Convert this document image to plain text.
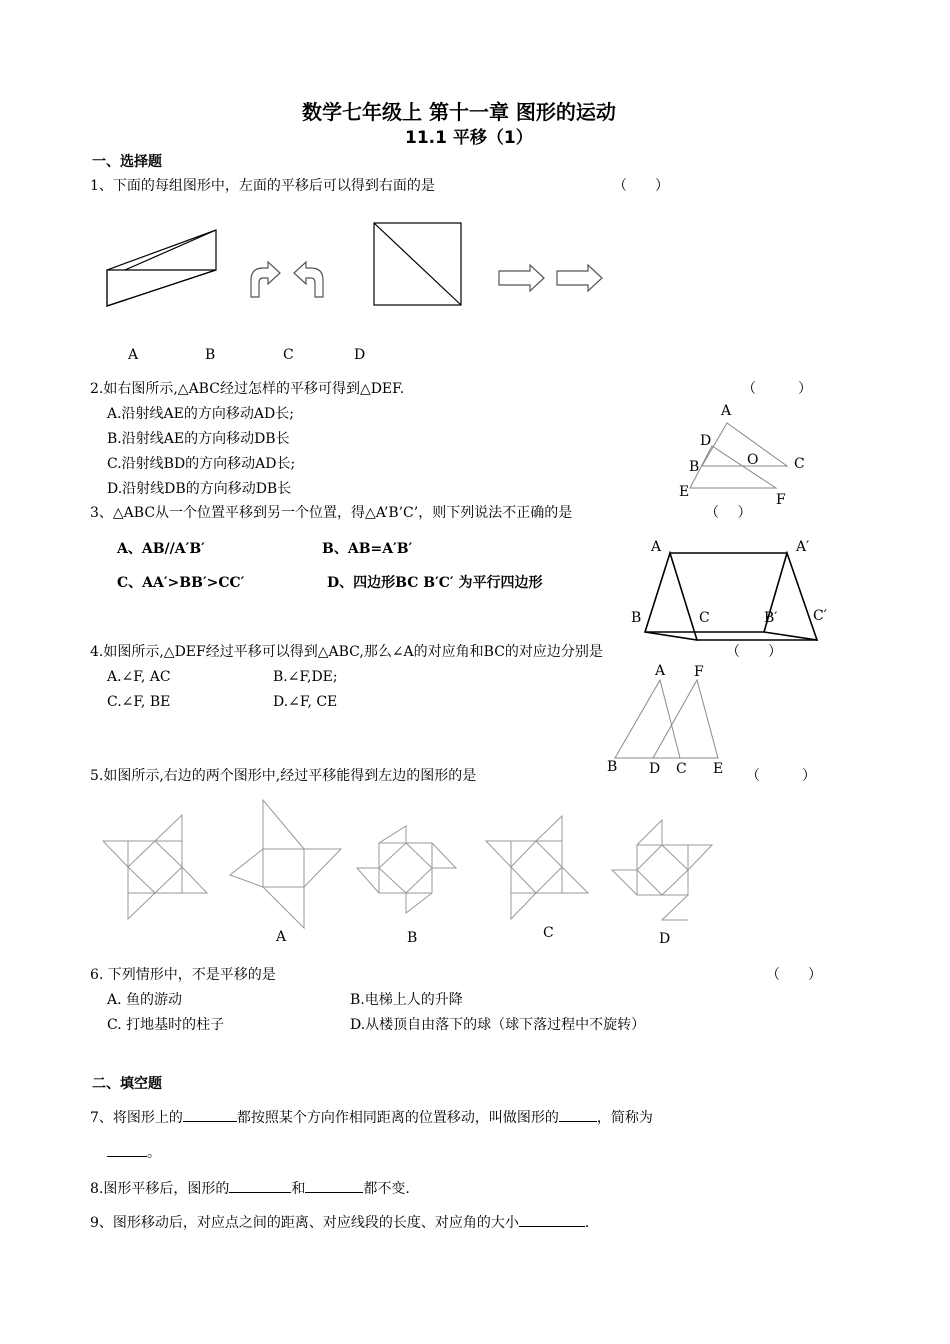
数学七年级上 第十一章 图形的运动
11.1 平移（1）
一、选择题
1、下面的每组图形中，左面的平移后可以得到右面的是	（　　）
A	B	C	D
2.如右图所示,△ABC经过怎样的平移可得到△DEF.	（　　　）
A.沿射线AE的方向移动AD长;
B.沿射线AE的方向移动DB长
C.沿射线BD的方向移动AD长;
D.沿射线DB的方向移动DB长
A
D
O	C
B
E	F
3、△ABC从一个位置平移到另一个位置，得△A’B’C’，则下列说法不正确的是	（　 ）
A、AB//A′B′	B、AB=A′B′
C、AA′>BB′>CC′	D、四边形BC B′C′ 为平行四边形
A	A′
B	C	B′	C′
4.如图所示,△DEF经过平移可以得到△ABC,那么∠A的对应角和BC的对应边分别是	（　　）
A.∠F, AC	B.∠F,DE;
C.∠F, BE	D.∠F, CE
A F
B D C E
5.如图所示,右边的两个图形中,经过平移能得到左边的图形的是	（　　　）
A	B	C	D
6. 下列情形中，不是平移的是	（　　）
A. 鱼的游动	B.电梯上人的升降
C. 打地基时的柱子	D.从楼顶自由落下的球（球下落过程中不旋转）
二、填空题
7、将图形上的	都按照某个方向作相同距离的位置移动，叫做图形的	，简称为
。
8.图形平移后，图形的	和	都不变.
9、图形移动后，对应点之间的距离、对应线段的长度、对应角的大小	.
